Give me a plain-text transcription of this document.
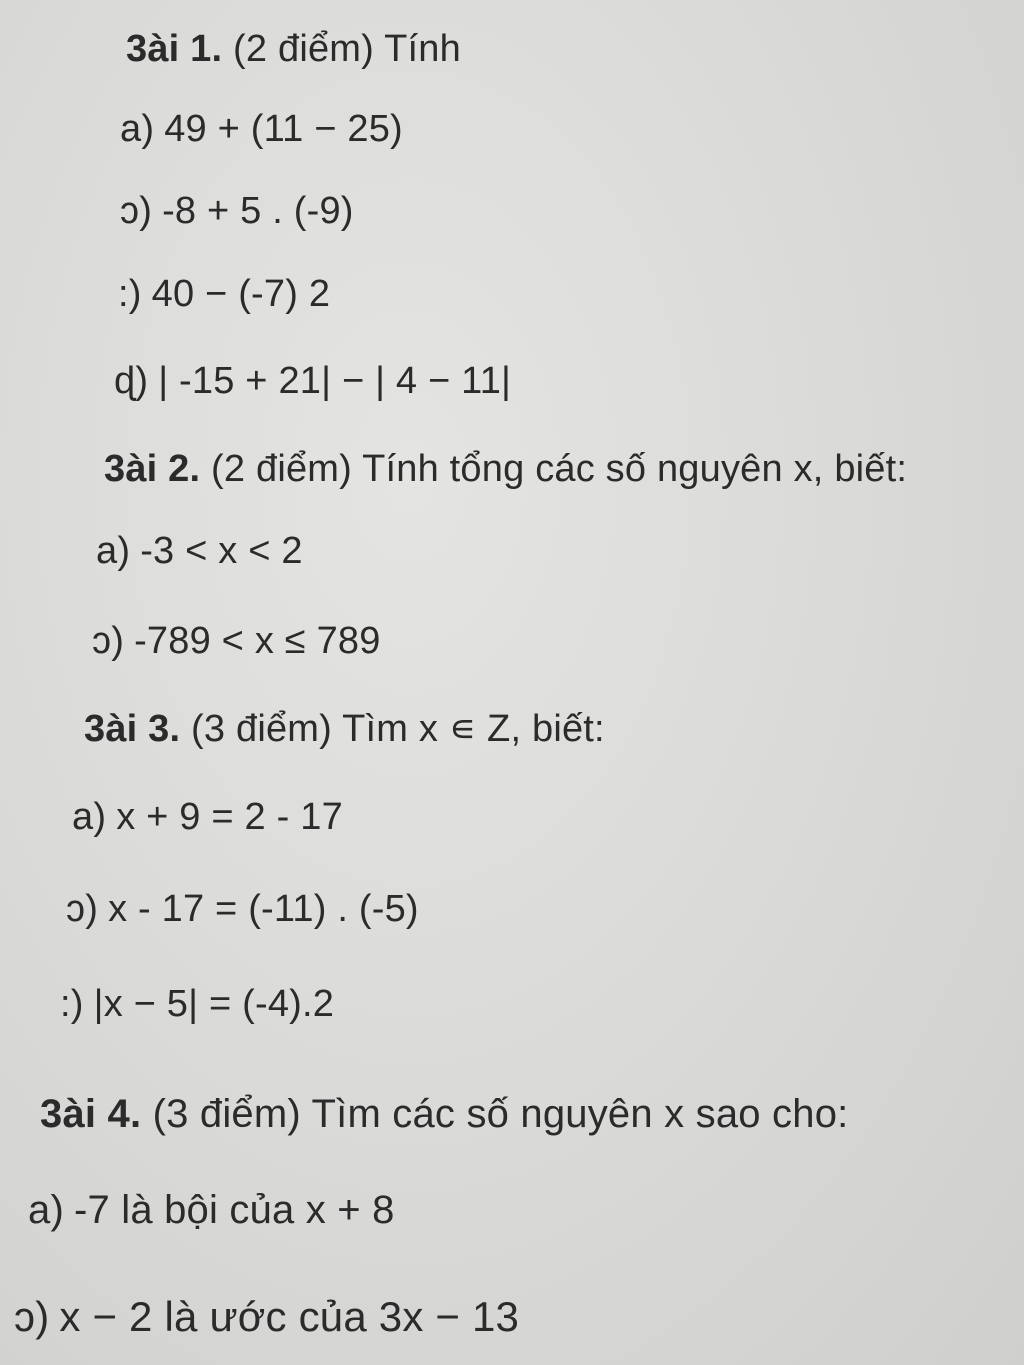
3ài 1. (2 điểm) Tính
a) 49 + (11 − 25)
ɔ) -8 + 5 . (-9)
:) 40 − (-7) 2
ɖ) | -15 + 21| − | 4 − 11|
3ài 2. (2 điểm) Tính tổng các số nguyên x, biết:
a) -3 < x < 2
ɔ) -789 < x ≤ 789
3ài 3. (3 điểm) Tìm x ∊ Z, biết:
a) x + 9 = 2 - 17
ɔ) x - 17 = (-11) . (-5)
:) |x − 5| = (-4).2
3ài 4. (3 điểm) Tìm các số nguyên x sao cho:
a) -7 là bội của x + 8
ɔ) x − 2 là ước của 3x − 13
